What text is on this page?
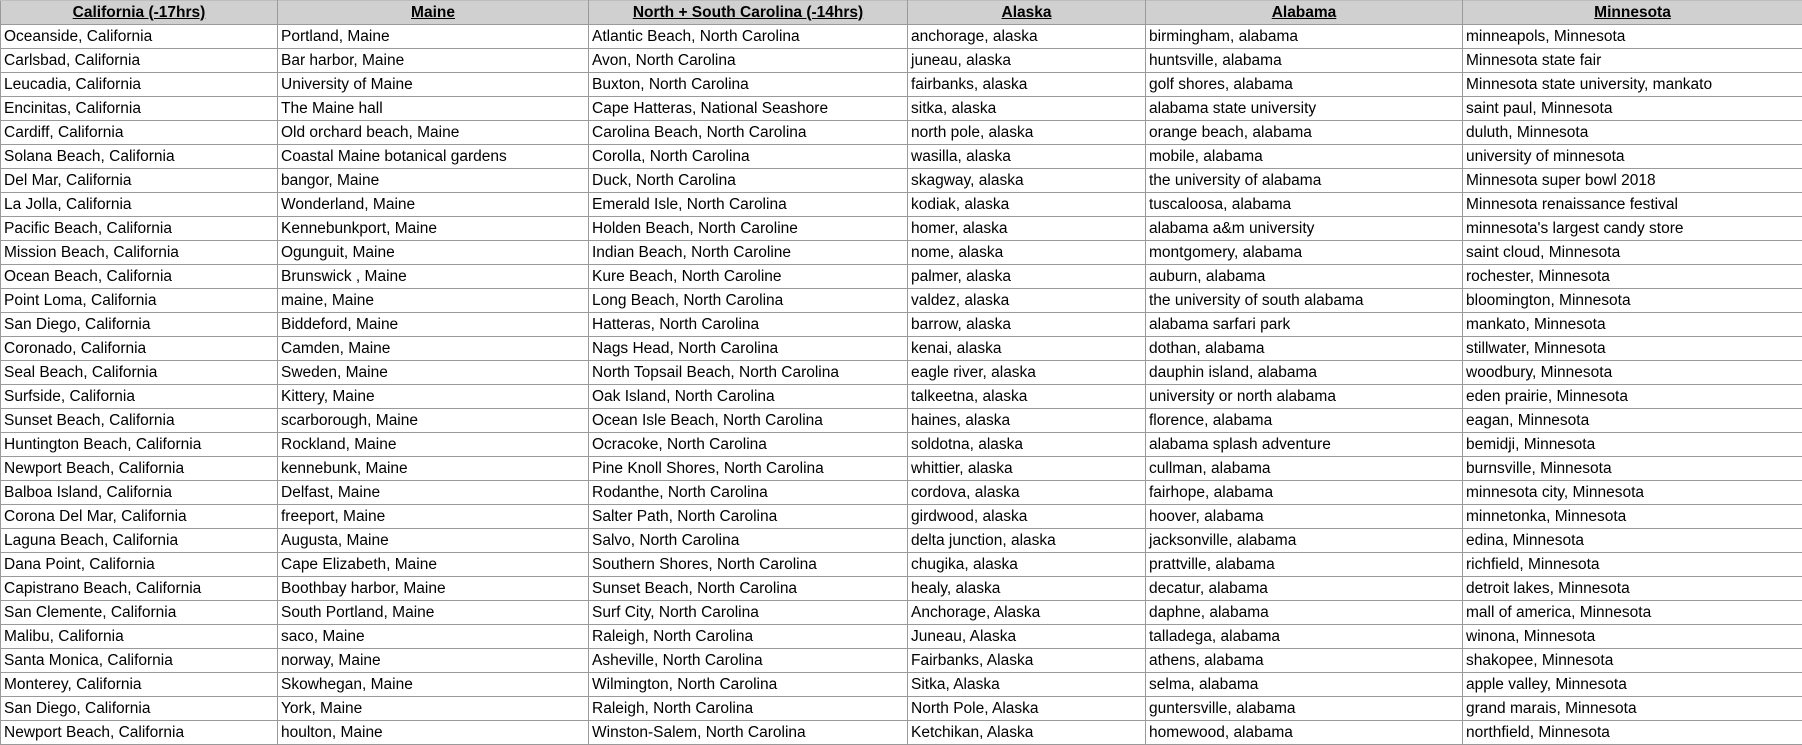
California (-17hrs)	Maine	North + South Carolina (-14hrs)	Alaska	Alabama	Minnesota
Oceanside, California	Portland, Maine	Atlantic Beach, North Carolina	anchorage, alaska	birmingham, alabama	minneapols, Minnesota
Carlsbad, California	Bar harbor, Maine	Avon, North Carolina	juneau, alaska	huntsville, alabama	Minnesota state fair
Leucadia, California	University of Maine	Buxton, North Carolina	fairbanks, alaska	golf shores, alabama	Minnesota state university, mankato
Encinitas, California	The Maine hall	Cape Hatteras, National Seashore	sitka, alaska	alabama state university	saint paul, Minnesota
Cardiff, California	Old orchard beach, Maine	Carolina Beach, North Carolina	north pole, alaska	orange beach, alabama	duluth, Minnesota
Solana Beach, California	Coastal Maine botanical gardens	Corolla, North Carolina	wasilla, alaska	mobile, alabama	university of minnesota
Del Mar, California	bangor, Maine	Duck, North Carolina	skagway, alaska	the university of alabama	Minnesota super bowl 2018
La Jolla, California	Wonderland, Maine	Emerald Isle, North Carolina	kodiak, alaska	tuscaloosa, alabama	Minnesota renaissance festival
Pacific Beach, California	Kennebunkport, Maine	Holden Beach, North Caroline	homer, alaska	alabama a&m university	minnesota's largest candy store
Mission Beach, California	Ogunguit, Maine	Indian Beach, North Caroline	nome, alaska	montgomery, alabama	saint cloud, Minnesota
Ocean Beach, California	Brunswick , Maine	Kure Beach, North Caroline	palmer, alaska	auburn, alabama	rochester, Minnesota
Point Loma, California	maine, Maine	Long Beach, North Carolina	valdez, alaska	the university of south alabama	bloomington, Minnesota
San Diego, California	Biddeford, Maine	Hatteras, North Carolina	barrow, alaska	alabama sarfari park	mankato, Minnesota
Coronado, California	Camden, Maine	Nags Head, North Carolina	kenai, alaska	dothan, alabama	stillwater, Minnesota
Seal Beach, California	Sweden, Maine	North Topsail Beach, North Carolina	eagle river, alaska	dauphin island, alabama	woodbury, Minnesota
Surfside, California	Kittery, Maine	Oak Island, North Carolina	talkeetna, alaska	university or north alabama	eden prairie, Minnesota
Sunset Beach, California	scarborough, Maine	Ocean Isle Beach, North Carolina	haines, alaska	florence, alabama	eagan, Minnesota
Huntington Beach, California	Rockland, Maine	Ocracoke, North Carolina	soldotna, alaska	alabama splash adventure	bemidji, Minnesota
Newport Beach, California	kennebunk, Maine	Pine Knoll Shores, North Carolina	whittier, alaska	cullman, alabama	burnsville, Minnesota
Balboa Island, California	Delfast, Maine	Rodanthe, North Carolina	cordova, alaska	fairhope, alabama	minnesota city, Minnesota
Corona Del Mar, California	freeport, Maine	Salter Path, North Carolina	girdwood, alaska	hoover, alabama	minnetonka, Minnesota
Laguna Beach, California	Augusta, Maine	Salvo, North Carolina	delta junction, alaska	jacksonville, alabama	edina, Minnesota
Dana Point, California	Cape Elizabeth, Maine	Southern Shores, North Carolina	chugika, alaska	prattville, alabama	richfield, Minnesota
Capistrano Beach, California	Boothbay harbor, Maine	Sunset Beach, North Carolina	healy, alaska	decatur, alabama	detroit lakes, Minnesota
San Clemente, California	South Portland, Maine	Surf City, North Carolina	Anchorage, Alaska	daphne, alabama	mall of america, Minnesota
Malibu, California	saco, Maine	Raleigh, North Carolina	Juneau, Alaska	talladega, alabama	winona, Minnesota
Santa Monica, California	norway, Maine	Asheville, North Carolina	Fairbanks, Alaska	athens, alabama	shakopee, Minnesota
Monterey, California	Skowhegan, Maine	Wilmington, North Carolina	Sitka, Alaska	selma, alabama	apple valley, Minnesota
San Diego, California	York, Maine	Raleigh, North Carolina	North Pole, Alaska	guntersville, alabama	grand marais, Minnesota
Newport Beach, California	houlton, Maine	Winston-Salem, North Carolina	Ketchikan, Alaska	homewood, alabama	northfield, Minnesota
